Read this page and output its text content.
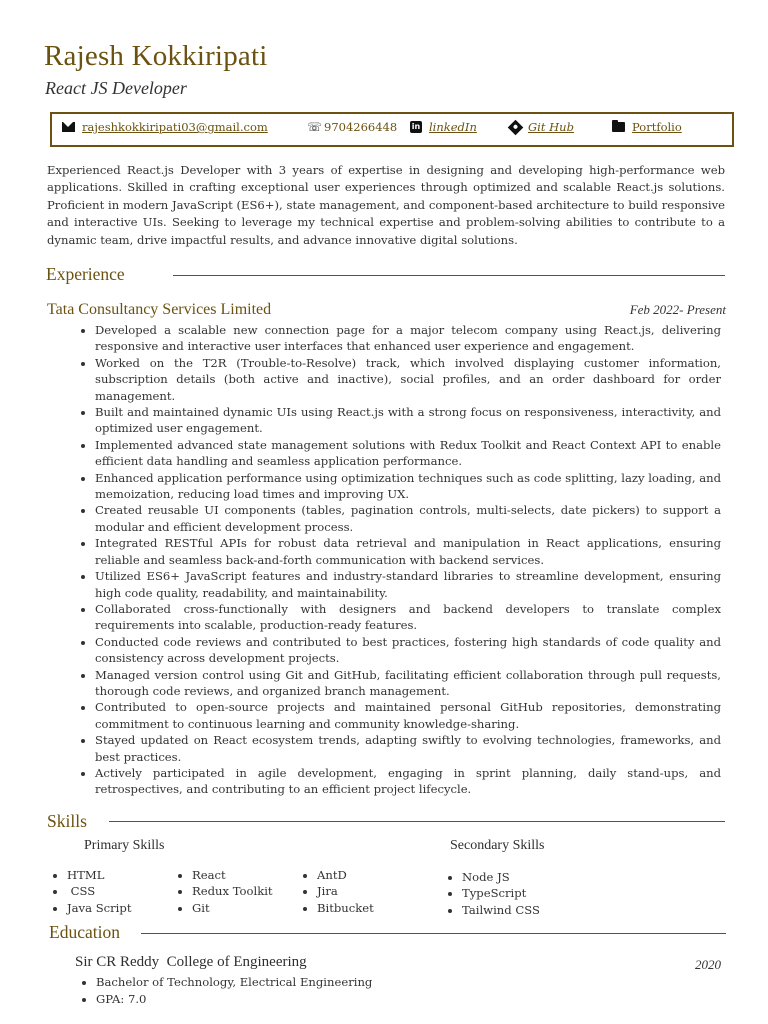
Rajesh Kokkiripati
React JS Developer
rajeshkokkiripati03@gmail.com	☏ 9704266448 in linkedIn	Git Hub	Portfolio

Experienced React.js Developer with 3 years of expertise in designing and developing high-performance web applications. Skilled in crafting exceptional user experiences through optimized and scalable React.js solutions. Proficient in modern JavaScript (ES6+), state management, and component-based architecture to build responsive and interactive UIs. Seeking to leverage my technical expertise and problem-solving abilities to contribute to a dynamic team, drive impactful results, and advance innovative digital solutions.

Experience
Tata Consultancy Services Limited	Feb 2022- Present
• Developed a scalable new connection page for a major telecom company using React.js, delivering responsive and interactive user interfaces that enhanced user experience and engagement.
• Worked on the T2R (Trouble-to-Resolve) track, which involved displaying customer information, subscription details (both active and inactive), social profiles, and an order dashboard for order management.
• Built and maintained dynamic UIs using React.js with a strong focus on responsiveness, interactivity, and optimized user engagement.
• Implemented advanced state management solutions with Redux Toolkit and React Context API to enable efficient data handling and seamless application performance.
• Enhanced application performance using optimization techniques such as code splitting, lazy loading, and memoization, reducing load times and improving UX.
• Created reusable UI components (tables, pagination controls, multi-selects, date pickers) to support a modular and efficient development process.
• Integrated RESTful APIs for robust data retrieval and manipulation in React applications, ensuring reliable and seamless back-and-forth communication with backend services.
• Utilized ES6+ JavaScript features and industry-standard libraries to streamline development, ensuring high code quality, readability, and maintainability.
• Collaborated cross-functionally with designers and backend developers to translate complex requirements into scalable, production-ready features.
• Conducted code reviews and contributed to best practices, fostering high standards of code quality and consistency across development projects.
• Managed version control using Git and GitHub, facilitating efficient collaboration through pull requests, thorough code reviews, and organized branch management.
• Contributed to open-source projects and maintained personal GitHub repositories, demonstrating commitment to continuous learning and community knowledge-sharing.
• Stayed updated on React ecosystem trends, adapting swiftly to evolving technologies, frameworks, and best practices.
• Actively participated in agile development, engaging in sprint planning, daily stand-ups, and retrospectives, and contributing to an efficient project lifecycle.
Skills
Primary Skills	Secondary Skills
• HTML
•  CSS
• Java Script
• React
• Redux Toolkit
• Git
• AntD
• Jira
• Bitbucket
• Node JS
• TypeScript
• Tailwind CSS
Education
Sir CR Reddy  College of Engineering	2020
• Bachelor of Technology, Electrical Engineering
• GPA: 7.0
